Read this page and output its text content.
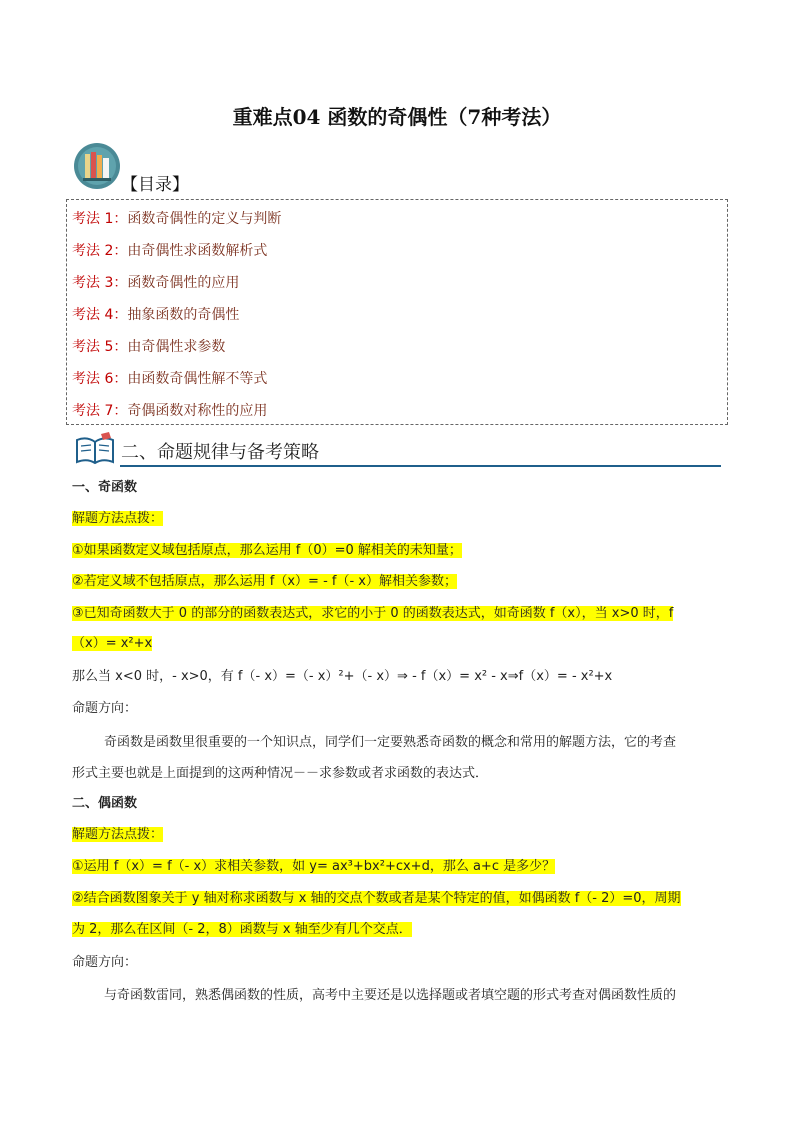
重难点04 函数的奇偶性（7种考法）
【目录】
考法 1：函数奇偶性的定义与判断
考法 2：由奇偶性求函数解析式
考法 3：函数奇偶性的应用
考法 4：抽象函数的奇偶性
考法 5：由奇偶性求参数
考法 6：由函数奇偶性解不等式
考法 7：奇偶函数对称性的应用
二、命题规律与备考策略
一、奇函数
解题方法点拨：
①如果函数定义域包括原点，那么运用 f（0）=0 解相关的未知量；
②若定义域不包括原点，那么运用 f（x）= - f（- x）解相关参数；
③已知奇函数大于 0 的部分的函数表达式，求它的小于 0 的函数表达式，如奇函数 f（x），当 x>0 时，f
（x）= x²+x
那么当 x<0 时，- x>0，有 f（- x）=（- x）²+（- x）⇒ - f（x）= x² - x⇒f（x）= - x²+x
命题方向：
奇函数是函数里很重要的一个知识点，同学们一定要熟悉奇函数的概念和常用的解题方法，它的考查
形式主要也就是上面提到的这两种情况－－求参数或者求函数的表达式．
二、偶函数
解题方法点拨：
①运用 f（x）= f（- x）求相关参数，如 y= ax³+bx²+cx+d，那么 a+c 是多少？
②结合函数图象关于 y 轴对称求函数与 x 轴的交点个数或者是某个特定的值，如偶函数 f（- 2）=0，周期
为 2，那么在区间（- 2，8）函数与 x 轴至少有几个交点．
命题方向：
与奇函数雷同，熟悉偶函数的性质，高考中主要还是以选择题或者填空题的形式考查对偶函数性质的
